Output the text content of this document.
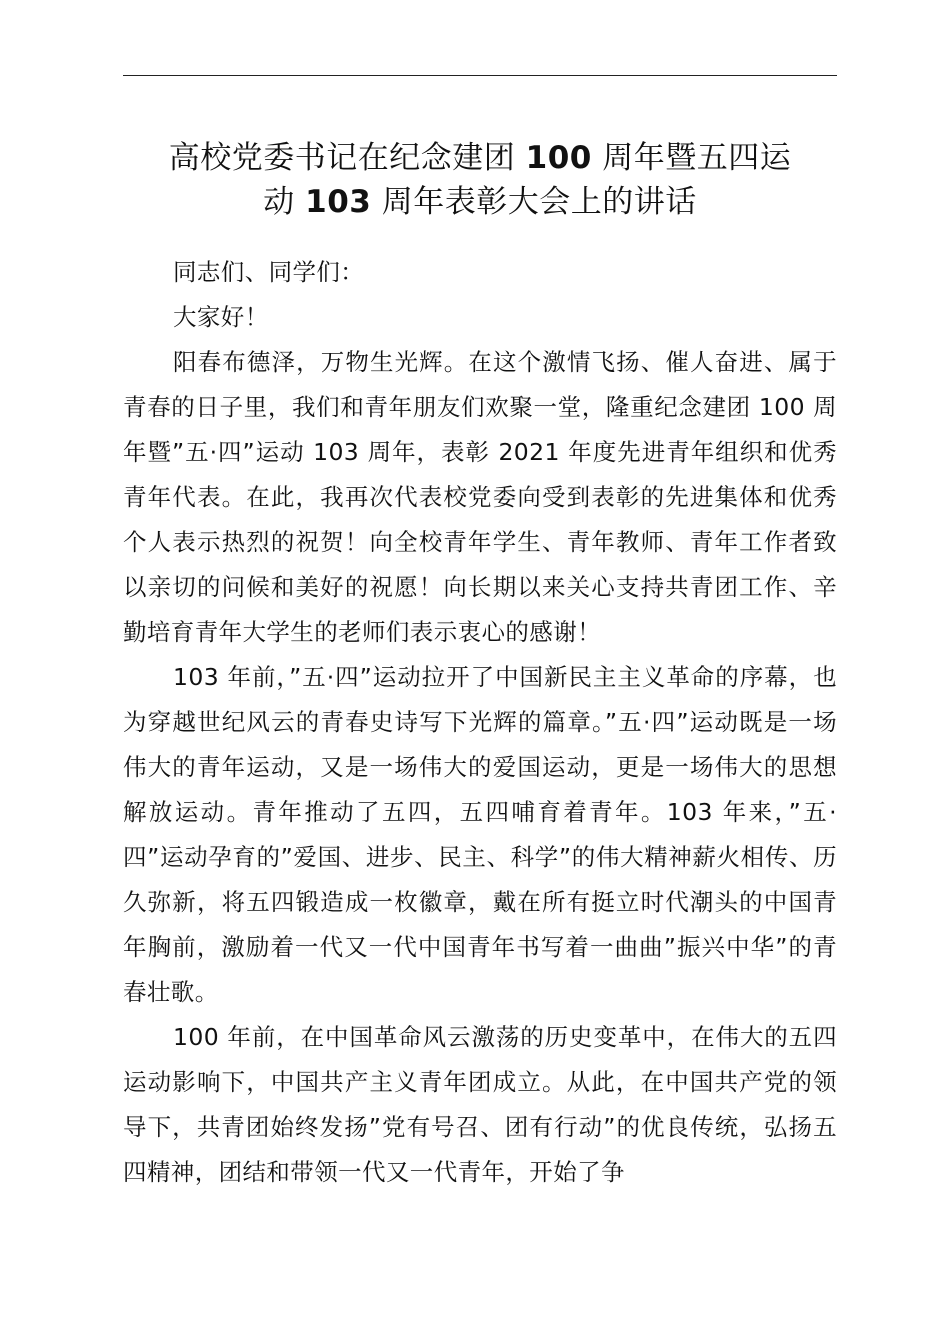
高校党委书记在纪念建团 100 周年暨五四运
动 103 周年表彰大会上的讲话

同志们、同学们：

大家好！

阳春布德泽，万物生光辉。在这个激情飞扬、催人奋进、属于青春的日子里，我们和青年朋友们欢聚一堂，隆重纪念建团 100 周年暨”五·四”运动 103 周年，表彰 2021 年度先进青年组织和优秀青年代表。在此，我再次代表校党委向受到表彰的先进集体和优秀个人表示热烈的祝贺！向全校青年学生、青年教师、青年工作者致以亲切的问候和美好的祝愿！向长期以来关心支持共青团工作、辛勤培育青年大学生的老师们表示衷心的感谢！

103 年前，”五·四”运动拉开了中国新民主主义革命的序幕，也为穿越世纪风云的青春史诗写下光辉的篇章。”五·四”运动既是一场伟大的青年运动，又是一场伟大的爱国运动，更是一场伟大的思想解放运动。青年推动了五四，五四哺育着青年。103 年来，”五·四”运动孕育的”爱国、进步、民主、科学”的伟大精神薪火相传、历久弥新，将五四锻造成一枚徽章，戴在所有挺立时代潮头的中国青年胸前，激励着一代又一代中国青年书写着一曲曲”振兴中华”的青春壮歌。

100 年前，在中国革命风云激荡的历史变革中，在伟大的五四运动影响下，中国共产主义青年团成立。从此，在中国共产党的领导下，共青团始终发扬”党有号召、团有行动”的优良传统，弘扬五四精神，团结和带领一代又一代青年，开始了争
